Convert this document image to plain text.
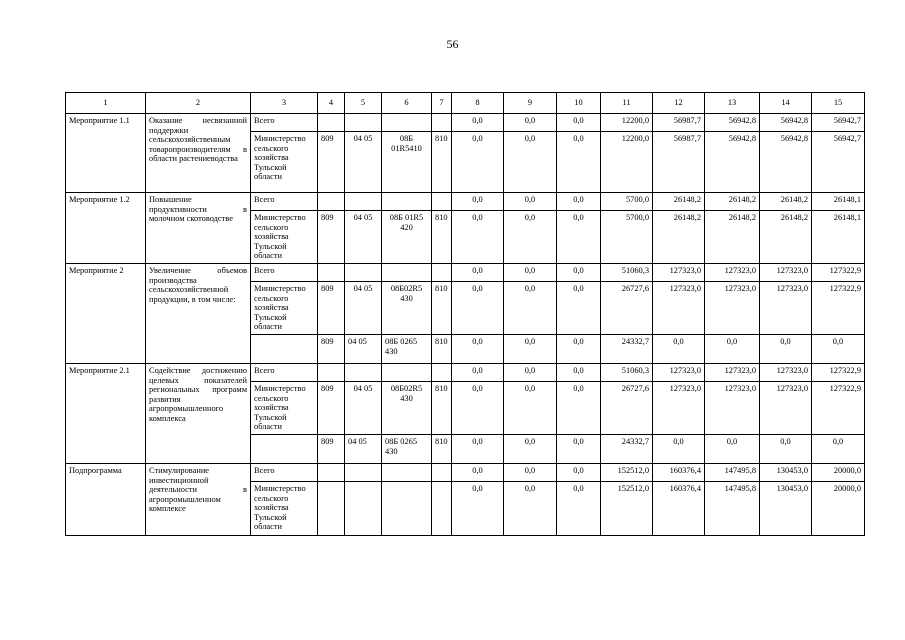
56
1	2	3	4	5	6	7	8	9	10	11	12	13	14	15
Мероприятие 1.1	Оказание несвязанной поддержки сельскохозяйственным товаропроизводителям в области растениеводства	Всего					0,0	0,0	0,0	12200,0	56987,7	56942,8	56942,8	56942,7
		Министерство сельского хозяйства Тульской области	809	04 05	08Б 01R5410	810	0,0	0,0	0,0	12200,0	56987,7	56942,8	56942,8	56942,7
Мероприятие 1.2	Повышение продуктивности в молочном скотоводстве	Всего					0,0	0,0	0,0	5700,0	26148,2	26148,2	26148,2	26148,1
		Министерство сельского хозяйства Тульской области	809	04 05	08Б 01R5 420	810	0,0	0,0	0,0	5700,0	26148,2	26148,2	26148,2	26148,1
Мероприятие 2	Увеличение объемов производства сельскохозяйственной продукции, в том числе:	Всего					0,0	0,0	0,0	51060,3	127323,0	127323,0	127323,0	127322,9
		Министерство сельского хозяйства Тульской области	809	04 05	08Б02R5 430	810	0,0	0,0	0,0	26727,6	127323,0	127323,0	127323,0	127322,9
			809	04 05	08Б 0265 430	810	0,0	0,0	0,0	24332,7	0,0	0,0	0,0	0,0
Мероприятие 2.1	Содействие достижению целевых показателей региональных программ развития агропромышленного комплекса	Всего					0,0	0,0	0,0	51060,3	127323,0	127323,0	127323,0	127322,9
		Министерство сельского хозяйства Тульской области	809	04 05	08Б02R5 430	810	0,0	0,0	0,0	26727,6	127323,0	127323,0	127323,0	127322,9
			809	04 05	08Б 0265 430	810	0,0	0,0	0,0	24332,7	0,0	0,0	0,0	0,0
Подпрограмма	Стимулирование инвестиционной деятельности в агропромышленном комплексе	Всего					0,0	0,0	0,0	152512,0	160376,4	147495,8	130453,0	20000,0
		Министерство сельского хозяйства Тульской области					0,0	0,0	0,0	152512,0	160376,4	147495,8	130453,0	20000,0
